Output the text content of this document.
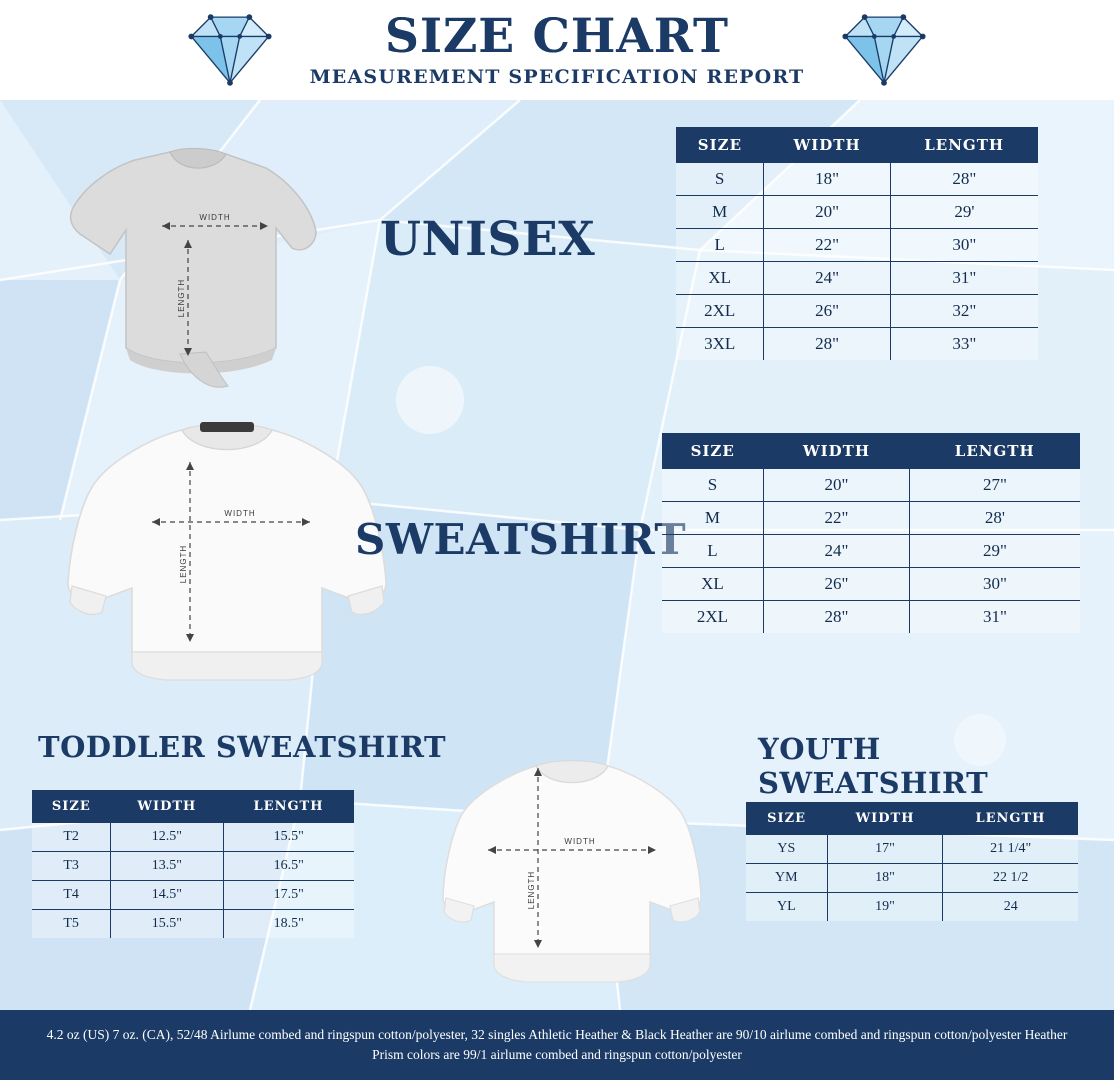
SIZE CHART
MEASUREMENT SPECIFICATION REPORT
WIDTH
LENGTH
UNISEX
SIZE	WIDTH	LENGTH
S	18"	28"
M	20"	29'
L	22"	30"
XL	24"	31"
2XL	26"	32"
3XL	28"	33"
WIDTH
LENGTH	SWEATSHIRT
SIZE	WIDTH	LENGTH
S	20"	27"
M	22"	28'
L	24"	29"
XL	26"	30"
2XL	28"	31"
TODDLER SWEATSHIRT
SIZE	WIDTH	LENGTH
T2	12.5"	15.5"
T3	13.5"	16.5"
T4	14.5"	17.5"
T5	15.5"	18.5"
WIDTH
LENGTH
YOUTH SWEATSHIRT
SIZE	WIDTH	LENGTH
YS	17"	21 1/4"
YM	18"	22 1/2
YL	19"	24

4.2 oz (US) 7 oz. (CA), 52/48 Airlume combed and ringspun cotton/polyester, 32 singles Athletic Heather & Black Heather are 90/10 airlume combed and ringspun cotton/polyester Heather Prism colors are 99/1 airlume combed and ringspun cotton/polyester
